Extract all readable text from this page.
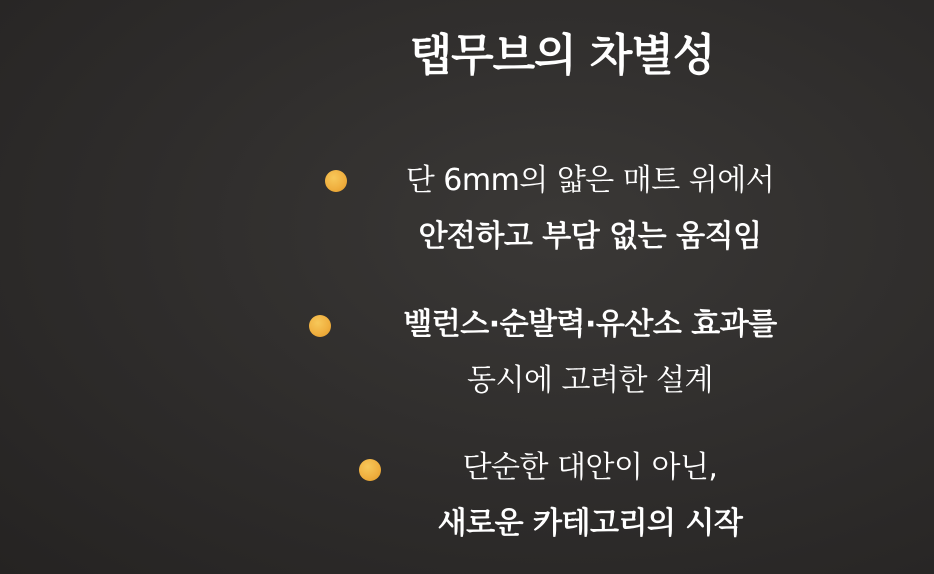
탭무브의 차별성
단 6mm의 얇은 매트 위에서
안전하고 부담 없는 움직임
밸런스·순발력·유산소 효과를
동시에 고려한 설계
단순한 대안이 아닌,
새로운 카테고리의 시작
